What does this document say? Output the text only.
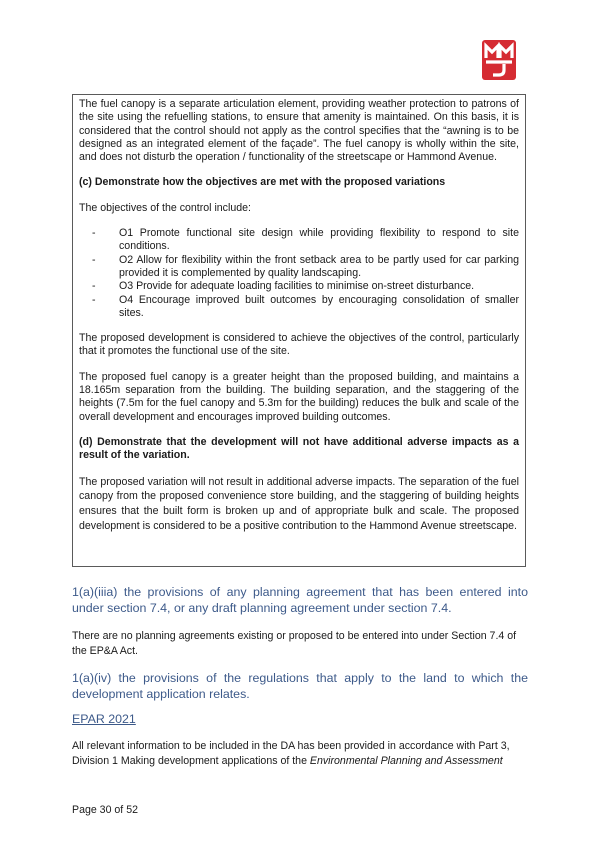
The fuel canopy is a separate articulation element, providing weather protection to patrons of the site using the refuelling stations, to ensure that amenity is maintained. On this basis, it is considered that the control should not apply as the control specifies that the “awning is to be designed as an integrated element of the façade”. The fuel canopy is wholly within the site, and does not disturb the operation / functionality of the streetscape or Hammond Avenue.

(c) Demonstrate how the objectives are met with the proposed variations

The objectives of the control include:

- O1 Promote functional site design while providing flexibility to respond to site conditions.
- O2 Allow for flexibility within the front setback area to be partly used for car parking provided it is complemented by quality landscaping.
- O3 Provide for adequate loading facilities to minimise on-street disturbance.
- O4 Encourage improved built outcomes by encouraging consolidation of smaller sites.

The proposed development is considered to achieve the objectives of the control, particularly that it promotes the functional use of the site.

The proposed fuel canopy is a greater height than the proposed building, and maintains a 18.165m separation from the building. The building separation, and the staggering of the heights (7.5m for the fuel canopy and 5.3m for the building) reduces the bulk and scale of the overall development and encourages improved building outcomes.

(d) Demonstrate that the development will not have additional adverse impacts as a result of the variation.

The proposed variation will not result in additional adverse impacts. The separation of the fuel canopy from the proposed convenience store building, and the staggering of building heights ensures that the built form is broken up and of appropriate bulk and scale. The proposed development is considered to be a positive contribution to the Hammond Avenue streetscape.

1(a)(iiia) the provisions of any planning agreement that has been entered into under section 7.4, or any draft planning agreement under section 7.4.

There are no planning agreements existing or proposed to be entered into under Section 7.4 of the EP&A Act.

1(a)(iv) the provisions of the regulations that apply to the land to which the development application relates.

EPAR 2021

All relevant information to be included in the DA has been provided in accordance with Part 3, Division 1 Making development applications of the Environmental Planning and Assessment

Page 30 of 52
